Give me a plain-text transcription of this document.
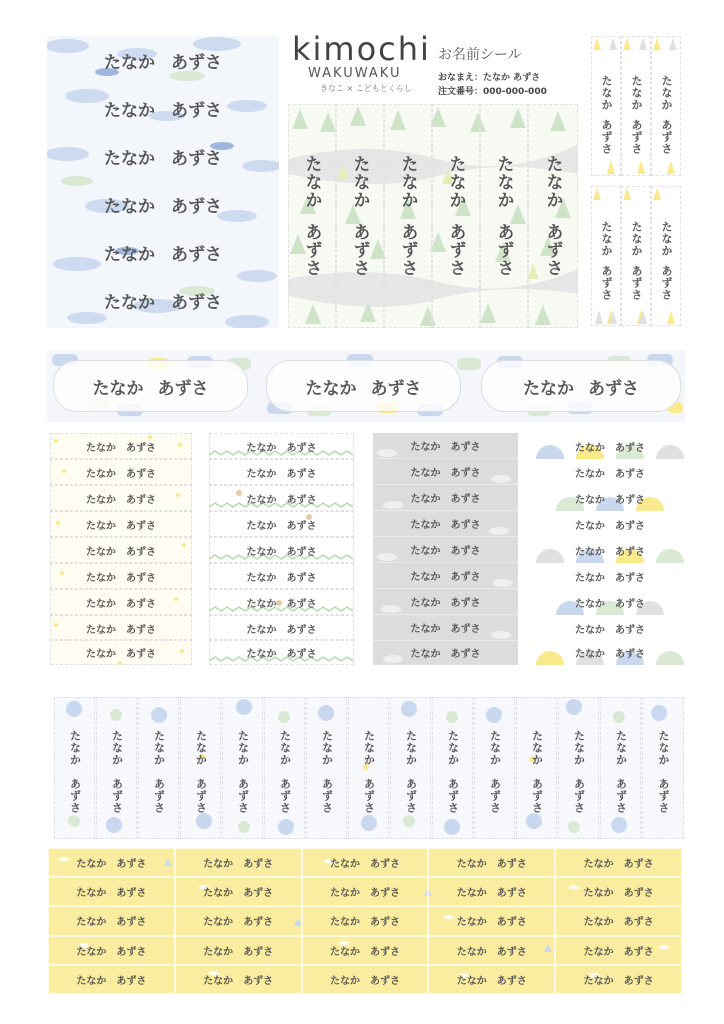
たなか あずさ
たなか あずさ
たなか あずさ
たなか あずさ
たなか あずさ
たなか あずさ
kimochi
WAKUWAKU
きなこ × こどもとくらし
お名前シール
おなまえ：たなか あずさ
注文番号：000-000-000
たなか
あずさ
たなか
あずさ
たなか
あずさ
たなか
あずさ
たなか
あずさ
たなか
あずさ
たなか
あずさ
たなか
あずさ
たなか
あずさ
たなか
あずさ
たなか
あずさ
たなか
あずさ
たなか あずさ	たなか あずさ	たなか あずさ
たなか あずさ
たなか あずさ
たなか あずさ
たなか あずさ
たなか あずさ
たなか あずさ
たなか あずさ
たなか あずさ
たなか あずさ
たなか あずさ
たなか あずさ
たなか あずさ
たなか あずさ
たなか あずさ
たなか あずさ
たなか あずさ
たなか あずさ
たなか あずさ
たなか あずさ
たなか あずさ
たなか あずさ
たなか あずさ
たなか あずさ
たなか あずさ
たなか あずさ
たなか あずさ
たなか あずさ
たなか あずさ
たなか あずさ
たなか あずさ
たなか あずさ
たなか あずさ
たなか あずさ
たなか あずさ
たなか あずさ
たなか あずさ
たなか
あずさ
たなか
あずさ
たなか
あずさ
たなか
あずさ
たなか
あずさ
たなか
あずさ
たなか
あずさ
たなか
あずさ
たなか
あずさ
たなか
あずさ
たなか
あずさ
たなか
あずさ
たなか
あずさ
たなか
あずさ
たなか
あずさ
たなか あずさ	たなか あずさ	たなか あずさ	たなか あずさ	たなか あずさ
たなか あずさ	たなか あずさ	たなか あずさ	たなか あずさ	たなか あずさ
たなか あずさ	たなか あずさ	たなか あずさ	たなか あずさ	たなか あずさ
たなか あずさ	たなか あずさ	たなか あずさ	たなか あずさ	たなか あずさ
たなか あずさ	たなか あずさ	たなか あずさ	たなか あずさ	たなか あずさ
